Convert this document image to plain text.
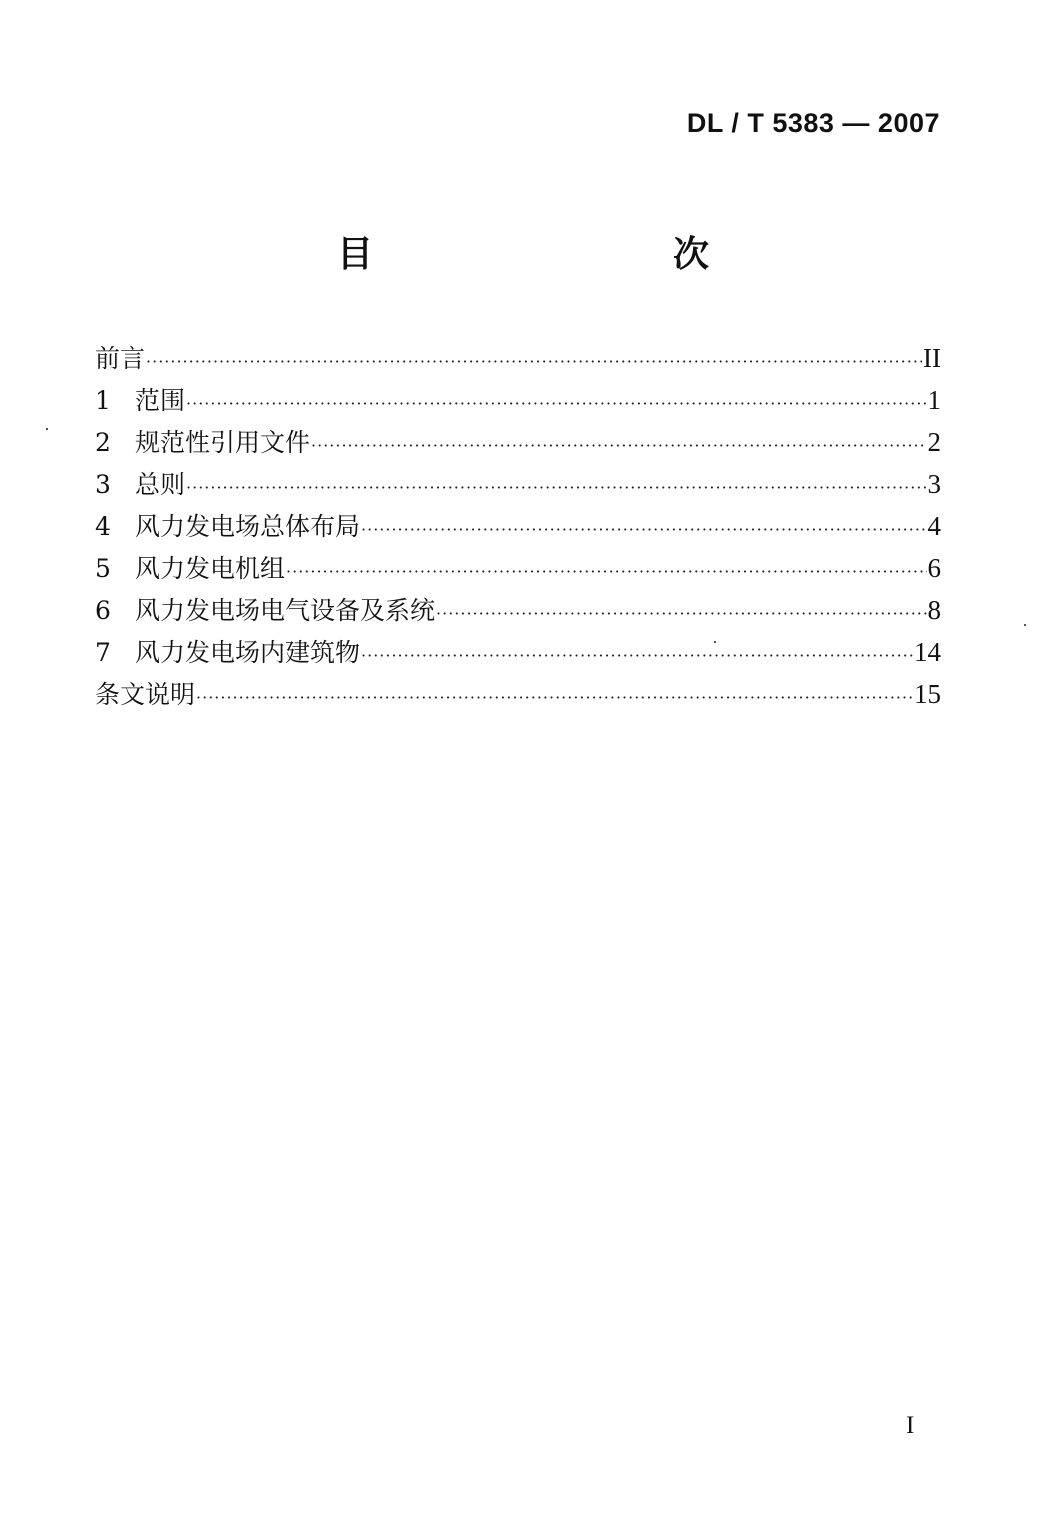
DL / T 5383 — 2007
目　　次
前言 ·····	II
1 范围 ·····	1
2 规范性引用文件 ·····	2
3 总则 ·····	3
4 风力发电场总体布局 ·····	4
5 风力发电机组 ·····	6
6 风力发电场电气设备及系统 ·····	8
7 风力发电场内建筑物 ·····	14
条文说明 ·····	15
I
